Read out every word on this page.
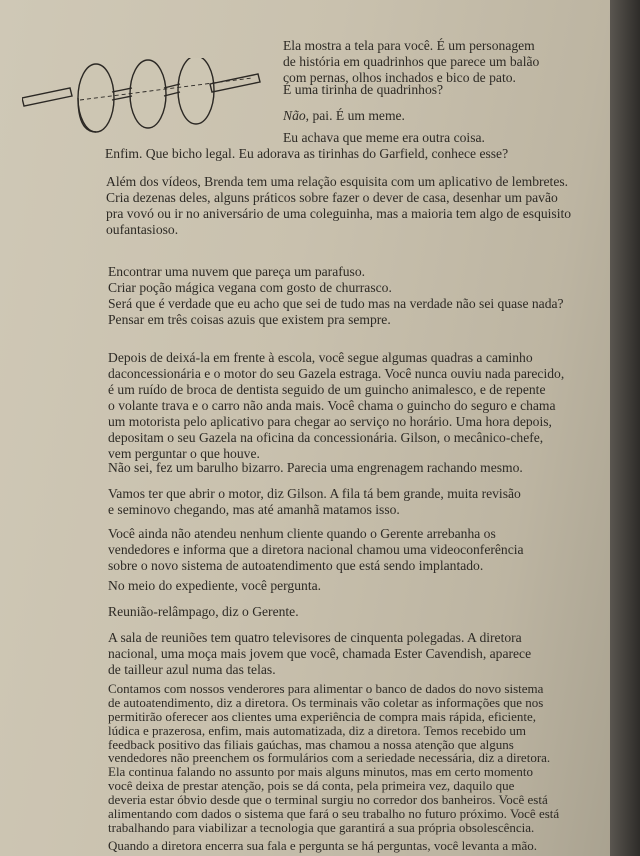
Ela mostra a tela para você. É um personagem
de história em quadrinhos que parece um balão
com pernas, olhos inchados e bico de pato.
É uma tirinha de quadrinhos?
Não, pai. É um meme.
Eu achava que meme era outra coisa.
Enfim. Que bicho legal. Eu adorava as tirinhas do Garfield, conhece esse?
Além dos vídeos, Brenda tem uma relação esquisita com um aplicativo de lembretes.
Cria dezenas deles, alguns práticos sobre fazer o dever de casa, desenhar um pavão
pra vovó ou ir no aniversário de uma coleguinha, mas a maioria tem algo de esquisito
oufantasioso.
Encontrar uma nuvem que pareça um parafuso.
Criar poção mágica vegana com gosto de churrasco.
Será que é verdade que eu acho que sei de tudo mas na verdade não sei quase nada?
Pensar em três coisas azuis que existem pra sempre.
Depois de deixá-la em frente à escola, você segue algumas quadras a caminho
daconcessionária e o motor do seu Gazela estraga. Você nunca ouviu nada parecido,
é um ruído de broca de dentista seguido de um guincho animalesco, e de repente
o volante trava e o carro não anda mais. Você chama o guincho do seguro e chama
um motorista pelo aplicativo para chegar ao serviço no horário. Uma hora depois,
depositam o seu Gazela na oficina da concessionária. Gilson, o mecânico-chefe,
vem perguntar o que houve.
Não sei, fez um barulho bizarro. Parecia uma engrenagem rachando mesmo.
Vamos ter que abrir o motor, diz Gilson. A fila tá bem grande, muita revisão
e seminovo chegando, mas até amanhã matamos isso.
Você ainda não atendeu nenhum cliente quando o Gerente arrebanha os
vendedores e informa que a diretora nacional chamou uma videoconferência
sobre o novo sistema de autoatendimento que está sendo implantado.
No meio do expediente, você pergunta.
Reunião-relâmpago, diz o Gerente.
A sala de reuniões tem quatro televisores de cinquenta polegadas. A diretora
nacional, uma moça mais jovem que você, chamada Ester Cavendish, aparece
de tailleur azul numa das telas.
Contamos com nossos venderores para alimentar o banco de dados do novo sistema
de autoatendimento, diz a diretora. Os terminais vão coletar as informações que nos
permitirão oferecer aos clientes uma experiência de compra mais rápida, eficiente,
lúdica e prazerosa, enfim, mais automatizada, diz a diretora. Temos recebido um
feedback positivo das filiais gaúchas, mas chamou a nossa atenção que alguns
vendedores não preenchem os formulários com a seriedade necessária, diz a diretora.
Ela continua falando no assunto por mais alguns minutos, mas em certo momento
você deixa de prestar atenção, pois se dá conta, pela primeira vez, daquilo que
deveria estar óbvio desde que o terminal surgiu no corredor dos banheiros. Você está
alimentando com dados o sistema que fará o seu trabalho no futuro próximo. Você está
trabalhando para viabilizar a tecnologia que garantirá a sua própria obsolescência.
Quando a diretora encerra sua fala e pergunta se há perguntas, você levanta a mão.
